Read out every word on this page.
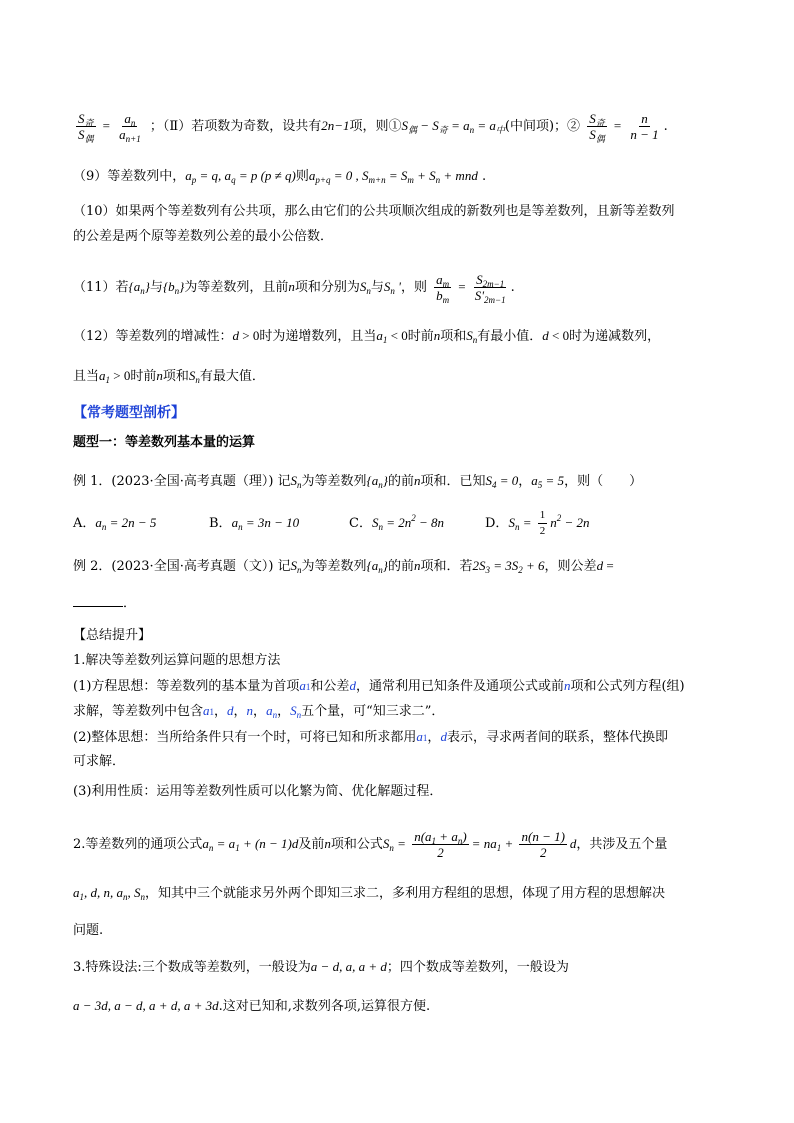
$\frac{S_奇}{S_偶} = \frac{a_n}{a_{n+1}}$ ；（Ⅱ）若项数为奇数，设共有2n−1项，则$①S_偶 - S_奇 = a_n = a_中$(中间项)；② $\frac{S_奇}{S_偶} = \frac{n}{n - 1}$ .
（9）等差数列中，$a_p = q$, $a_q = p$ (p ≠ q)则$a_{p+q} = 0$ , $S_{m+n} = S_m + S_n$ + mnd .
（10）如果两个等差数列有公共项，那么由它们的公共项顺次组成的新数列也是等差数列，且新等差数列
的公差是两个原等差数列公差的最小公倍数．
（11）若$\{a_n\}$与$\{b_n\}$为等差数列，且前n项和分别为$S_n$与$S_n$ '，则 $\frac{a_m}{b_m} = \frac{S_{2m-1}}{S'_{2m-1}}$ .
（12）等差数列的增减性：d > 0时为递增数列，且当$a_1 < 0$时前n项和$S_n$有最小值．d < 0时为递减数列，
且当$a_1 > 0$时前n项和$S_n$有最大值．
【常考题型剖析】
题型一：等差数列基本量的运算
例 1．(2023·全国·高考真题（理）) 记$S_n$为等差数列$\{a_n\}$的前n项和．已知$S_4 = 0$，$a_5 = 5$，则（　　）
A．$a_n = 2n - 5$	B．$a_n = 3n - 10$	C．$S_n = 2n^2 - 8n$	D．$S_n = \frac{1}{2} n^2 - 2n$
例 2．(2023·全国·高考真题（文）) 记$S_n$为等差数列$\{a_n\}$的前n项和．若$2S_3 = 3S_2 + 6$，则公差d =
．
【总结提升】
1.解决等差数列运算问题的思想方法
(1)方程思想：等差数列的基本量为首项a1和公差d，通常利用已知条件及通项公式或前n项和公式列方程(组)
求解，等差数列中包含a1，d，n，$a_n$，$S_n$五个量，可“知三求二”．
(2)整体思想：当所给条件只有一个时，可将已知和所求都用a1，d表示，寻求两者间的联系，整体代换即
可求解．
(3)利用性质：运用等差数列性质可以化繁为简、优化解题过程．
2.等差数列的通项公式$a_n = a_1 + (n - 1)d$及前n项和公式$S_n = \frac{n(a_1 + a_n)}{2} = na_1 + \frac{n(n - 1)}{2}$ d，共涉及五个量
$a_1$, d, n, $a_n$, $S_n$，知其中三个就能求另外两个即知三求二，多利用方程组的思想，体现了用方程的思想解决
问题.
3.特殊设法:三个数成等差数列，一般设为a − d, a, a + d；四个数成等差数列，一般设为
a − 3d, a − d, a + d, a + 3d.这对已知和,求数列各项,运算很方便.
